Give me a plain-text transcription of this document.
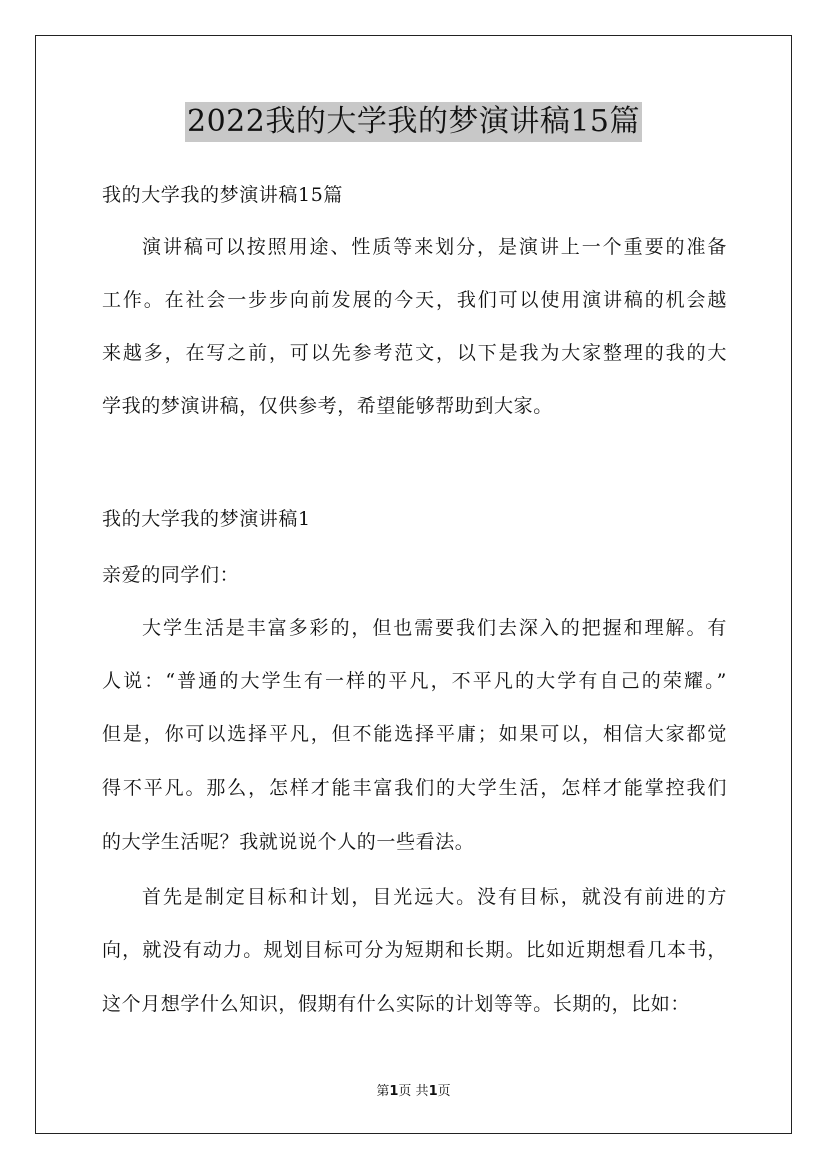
2022我的大学我的梦演讲稿15篇
我的大学我的梦演讲稿15篇
演讲稿可以按照用途、性质等来划分，是演讲上一个重要的准备
工作。在社会一步步向前发展的今天，我们可以使用演讲稿的机会越
来越多，在写之前，可以先参考范文，以下是我为大家整理的我的大
学我的梦演讲稿，仅供参考，希望能够帮助到大家。
我的大学我的梦演讲稿1
亲爱的同学们：
大学生活是丰富多彩的，但也需要我们去深入的把握和理解。有
人说：“普通的大学生有一样的平凡，不平凡的大学有自己的荣耀。”
但是，你可以选择平凡，但不能选择平庸；如果可以，相信大家都觉
得不平凡。那么，怎样才能丰富我们的大学生活，怎样才能掌控我们
的大学生活呢？我就说说个人的一些看法。
首先是制定目标和计划，目光远大。没有目标，就没有前进的方
向，就没有动力。规划目标可分为短期和长期。比如近期想看几本书，
这个月想学什么知识，假期有什么实际的计划等等。长期的，比如：
第1页 共1页
